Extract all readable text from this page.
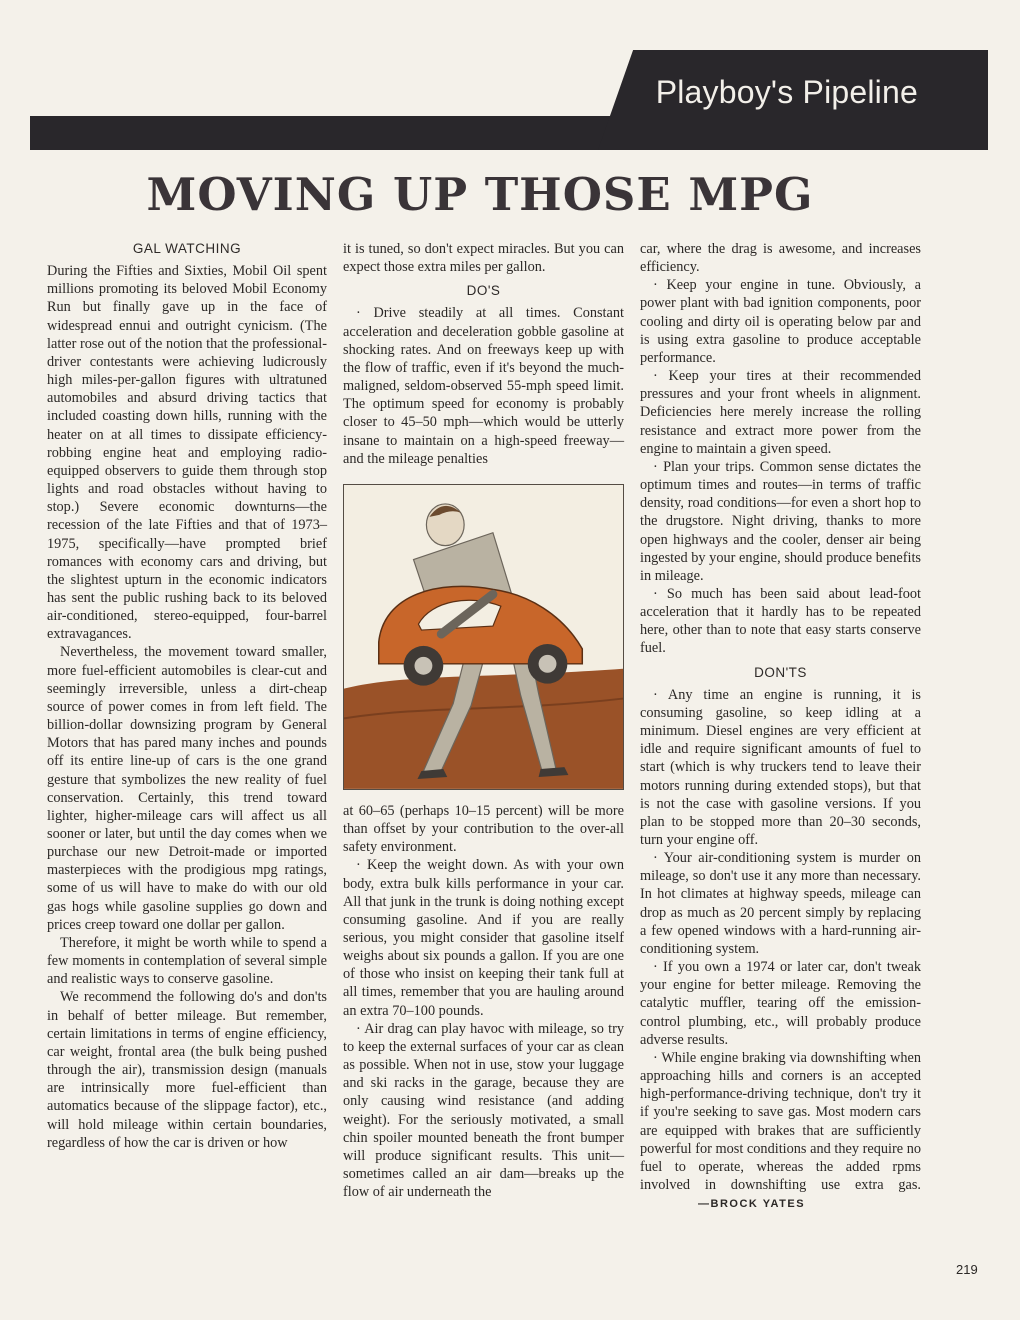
Playboy's Pipeline
MOVING UP THOSE MPG
GAL WATCHING

During the Fifties and Sixties, Mobil Oil spent millions promoting its beloved Mobil Economy Run but finally gave up in the face of widespread ennui and outright cynicism. (The latter rose out of the notion that the professional-driver contestants were achieving ludicrously high miles-per-gallon figures with ultratuned automobiles and absurd driving tactics that included coasting down hills, running with the heater on at all times to dissipate efficiency-robbing engine heat and employing radio-equipped observers to guide them through stop lights and road obstacles without having to stop.) Severe economic downturns—the recession of the late Fifties and that of 1973–1975, specifically—have prompted brief romances with economy cars and driving, but the slightest upturn in the economic indicators has sent the public rushing back to its beloved air-conditioned, stereo-equipped, four-barrel extravagances.

Nevertheless, the movement toward smaller, more fuel-efficient automobiles is clear-cut and seemingly irreversible, unless a dirt-cheap source of power comes in from left field. The billion-dollar downsizing program by General Motors that has pared many inches and pounds off its entire line-up of cars is the one grand gesture that symbolizes the new reality of fuel conservation. Certainly, this trend toward lighter, higher-mileage cars will affect us all sooner or later, but until the day comes when we purchase our new Detroit-made or imported masterpieces with the prodigious mpg ratings, some of us will have to make do with our old gas hogs while gasoline supplies go down and prices creep toward one dollar per gallon.

Therefore, it might be worth while to spend a few moments in contemplation of several simple and realistic ways to conserve gasoline.

We recommend the following do's and don'ts in behalf of better mileage. But remember, certain limitations in terms of engine efficiency, car weight, frontal area (the bulk being pushed through the air), transmission design (manuals are intrinsically more fuel-efficient than automatics because of the slippage factor), etc., will hold mileage within certain boundaries, regardless of how the car is driven or how

it is tuned, so don't expect miracles. But you can expect those extra miles per gallon.

DO'S

· Drive steadily at all times. Constant acceleration and deceleration gobble gasoline at shocking rates. And on freeways keep up with the flow of traffic, even if it's beyond the much-maligned, seldom-observed 55-mph speed limit. The optimum speed for economy is probably closer to 45–50 mph—which would be utterly insane to maintain on a high-speed freeway—and the mileage penalties

at 60–65 (perhaps 10–15 percent) will be more than offset by your contribution to the over-all safety environment.

· Keep the weight down. As with your own body, extra bulk kills performance in your car. All that junk in the trunk is doing nothing except consuming gasoline. And if you are really serious, you might consider that gasoline itself weighs about six pounds a gallon. If you are one of those who insist on keeping their tank full at all times, remember that you are hauling around an extra 70–100 pounds.

· Air drag can play havoc with mileage, so try to keep the external surfaces of your car as clean as possible. When not in use, stow your luggage and ski racks in the garage, because they are only causing wind resistance (and adding weight). For the seriously motivated, a small chin spoiler mounted beneath the front bumper will produce significant results. This unit—sometimes called an air dam—breaks up the flow of air underneath the

car, where the drag is awesome, and increases efficiency.

· Keep your engine in tune. Obviously, a power plant with bad ignition components, poor cooling and dirty oil is operating below par and is using extra gasoline to produce acceptable performance.

· Keep your tires at their recommended pressures and your front wheels in alignment. Deficiencies here merely increase the rolling resistance and extract more power from the engine to maintain a given speed.

· Plan your trips. Common sense dictates the optimum times and routes—in terms of traffic density, road conditions—for even a short hop to the drugstore. Night driving, thanks to more open highways and the cooler, denser air being ingested by your engine, should produce benefits in mileage.

· So much has been said about lead-foot acceleration that it hardly has to be repeated here, other than to note that easy starts conserve fuel.

DON'TS

· Any time an engine is running, it is consuming gasoline, so keep idling at a minimum. Diesel engines are very efficient at idle and require significant amounts of fuel to start (which is why truckers tend to leave their motors running during extended stops), but that is not the case with gasoline versions. If you plan to be stopped more than 20–30 seconds, turn your engine off.

· Your air-conditioning system is murder on mileage, so don't use it any more than necessary. In hot climates at highway speeds, mileage can drop as much as 20 percent simply by replacing a few opened windows with a hard-running air-conditioning system.

· If you own a 1974 or later car, don't tweak your engine for better mileage. Removing the catalytic muffler, tearing off the emission-control plumbing, etc., will probably produce adverse results.

· While engine braking via downshifting when approaching hills and corners is an accepted high-performance-driving technique, don't try it if you're seeking to save gas. Most modern cars are equipped with brakes that are sufficiently powerful for most conditions and they require no fuel to operate, whereas the added rpms involved in downshifting use extra gas.—BROCK YATES

219
